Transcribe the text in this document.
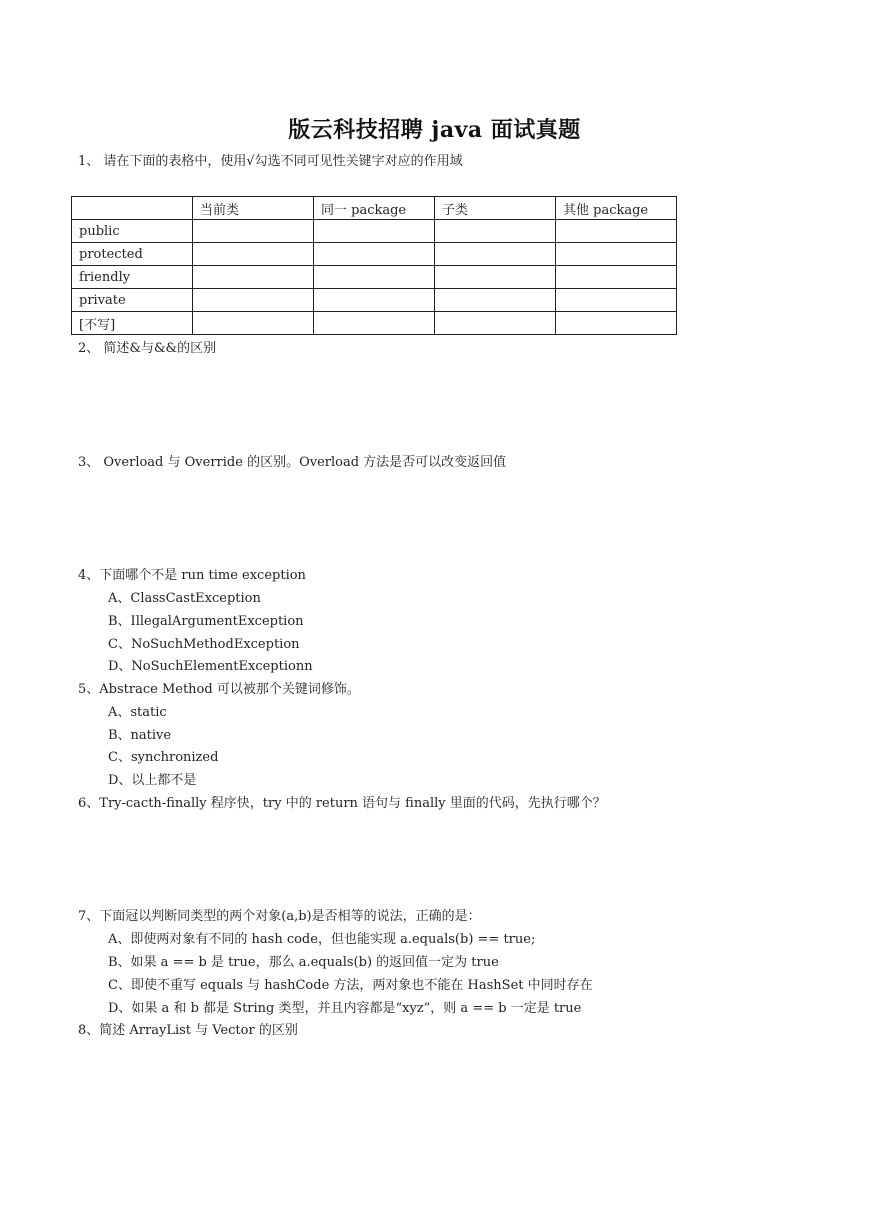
版云科技招聘 java 面试真题
1、 请在下面的表格中，使用√勾选不同可见性关键字对应的作用域
	当前类	同一 package	子类	其他 package
public				
protected				
friendly				
private				
[不写]				
2、 简述&与&&的区别
3、 Overload 与 Override 的区别。Overload 方法是否可以改变返回值
4、下面哪个不是 run time exception
A、ClassCastException
B、IllegalArgumentException
C、NoSuchMethodException
D、NoSuchElementExceptionn
5、Abstrace Method 可以被那个关键词修饰。
A、static
B、native
C、synchronized
D、以上都不是
6、Try-cacth-finally 程序快，try 中的 return 语句与 finally 里面的代码，先执行哪个？
7、下面冠以判断同类型的两个对象(a,b)是否相等的说法，正确的是：
A、即使两对象有不同的 hash code，但也能实现 a.equals(b) == true;
B、如果 a == b 是 true，那么 a.equals(b) 的返回值一定为 true
C、即使不重写 equals 与 hashCode 方法，两对象也不能在 HashSet 中同时存在
D、如果 a 和 b 都是 String 类型，并且内容都是“xyz”，则 a == b 一定是 true
8、简述 ArrayList 与 Vector 的区别
